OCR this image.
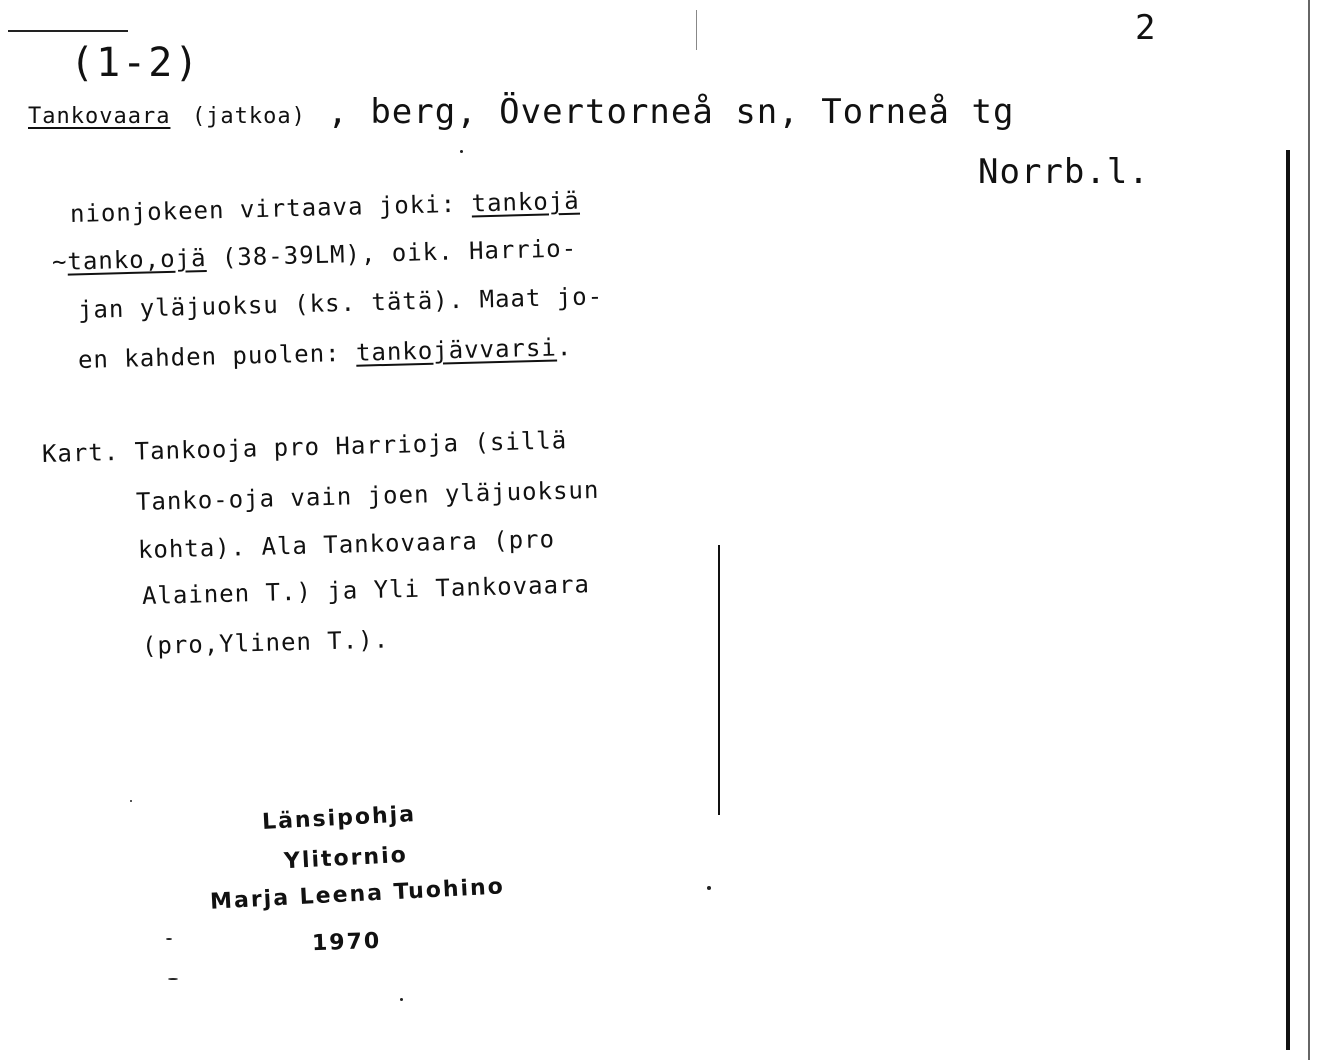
(1-2)
2
Tankovaara (jatkoa) , berg, Övertorneå sn, Torneå tg
Norrb.l.
nionjokeen virtaava joki: tankojä
~tanko,ojä (38-39LM), oik. Harrio-
jan yläjuoksu (ks. tätä). Maat jo-
en kahden puolen: tankojävvarsi.
Kart. Tankooja pro Harrioja (sillä
Tanko-oja vain joen yläjuoksun
kohta). Ala Tankovaara (pro
Alainen T.) ja Yli Tankovaara
(pro,Ylinen T.).
Länsipohja
Ylitornio
Marja Leena Tuohino
1970
